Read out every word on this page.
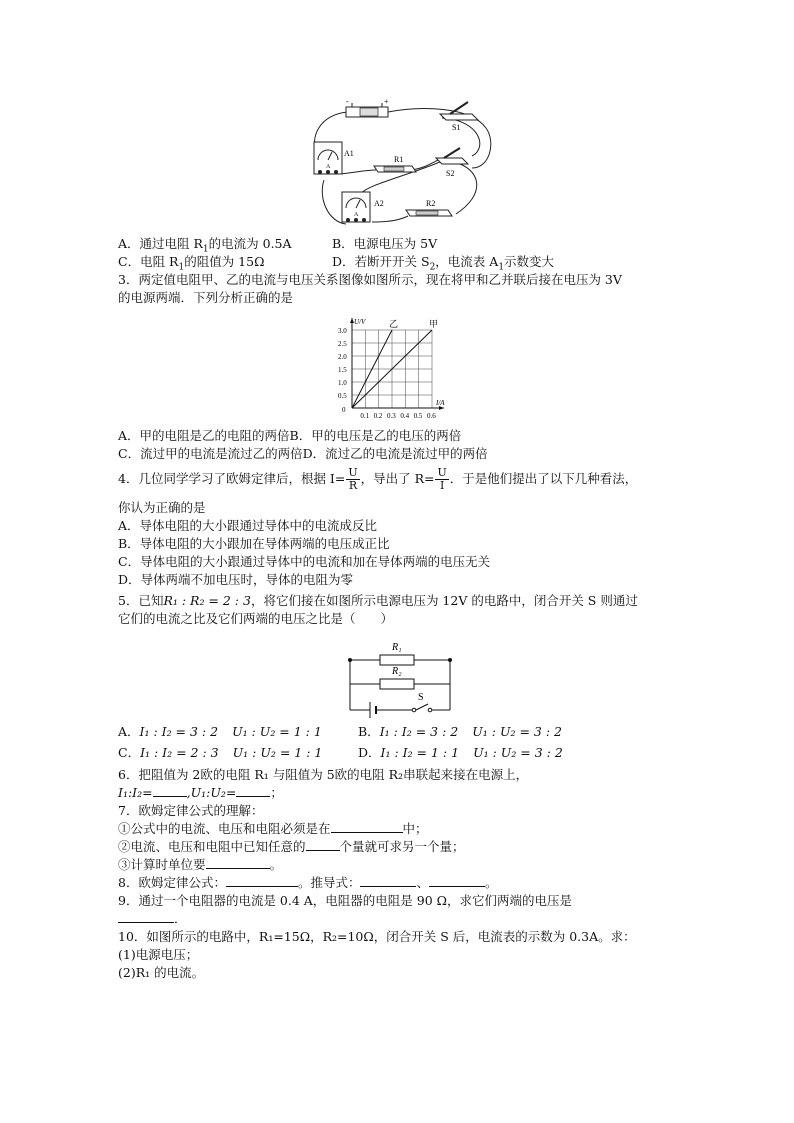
-	+
S1
A
A1
R1
S2
A
A2	R2
A．通过电阻 $R_1$的电流为 0.5A	B．电源电压为 5V
C．电阻 $R_1$的阻值为 15Ω	D．若断开开关 $S_2$，电流表 $A_1$示数变大
3．两定值电阻甲、乙的电流与电压关系图像如图所示，现在将甲和乙并联后接在电压为 3V
的电源两端．下列分析正确的是
0.1 0.2 0.3 0.4 0.5 0.6
0.5
1.0
1.5
2.0
2.5
3.0
0
I/A
U/V	乙	甲
A．甲的电阻是乙的电阻的两倍B．甲的电压是乙的电压的两倍
C．流过甲的电流是流过乙的两倍D．流过乙的电流是流过甲的两倍
4．几位同学学习了欧姆定律后，根据 $I= \frac{U}{R}$ ，导出了 $R= \frac{U}{I}$ ．于是他们提出了以下几种看法，
你认为正确的是
A．导体电阻的大小跟通过导体中的电流成反比
B．导体电阻的大小跟加在导体两端的电压成正比
C．导体电阻的大小跟通过导体中的电流和加在导体两端的电压无关
D．导体两端不加电压时，导体的电阻为零
5．已知R₁ : R₂ = 2 : 3，将它们接在如图所示电源电压为 12V 的电路中，闭合开关 S 则通过
它们的电流之比及它们两端的电压之比是（　　）
R₁
R₂
S
A．I₁ : I₂ = 3 : 2 U₁ : U₂ = 1 : 1	B．I₁ : I₂ = 3 : 2 U₁ : U₂ = 3 : 2
C．I₁ : I₂ = 2 : 3 U₁ : U₂ = 1 : 1	D．I₁ : I₂ = 1 : 1 U₁ : U₂ = 3 : 2
6．把阻值为 2欧的电阻 R₁ 与阻值为 5欧的电阻 R₂串联起来接在电源上，
I₁:I₂=	,U₁:U₂=	；
7．欧姆定律公式的理解：
①公式中的电流、电压和电阻必须是在	中；
②电流、电压和电阻中已知任意的	个量就可求另一个量；
③计算时单位要	。
8．欧姆定律公式：	。推导式：	、	。
9．通过一个电阻器的电流是 0.4 A，电阻器的电阻是 90 Ω，求它们两端的电压是
．
10．如图所示的电路中，R₁=15Ω，R₂=10Ω，闭合开关 S 后，电流表的示数为 0.3A。求：
(1)电源电压；
(2)R₁ 的电流。
